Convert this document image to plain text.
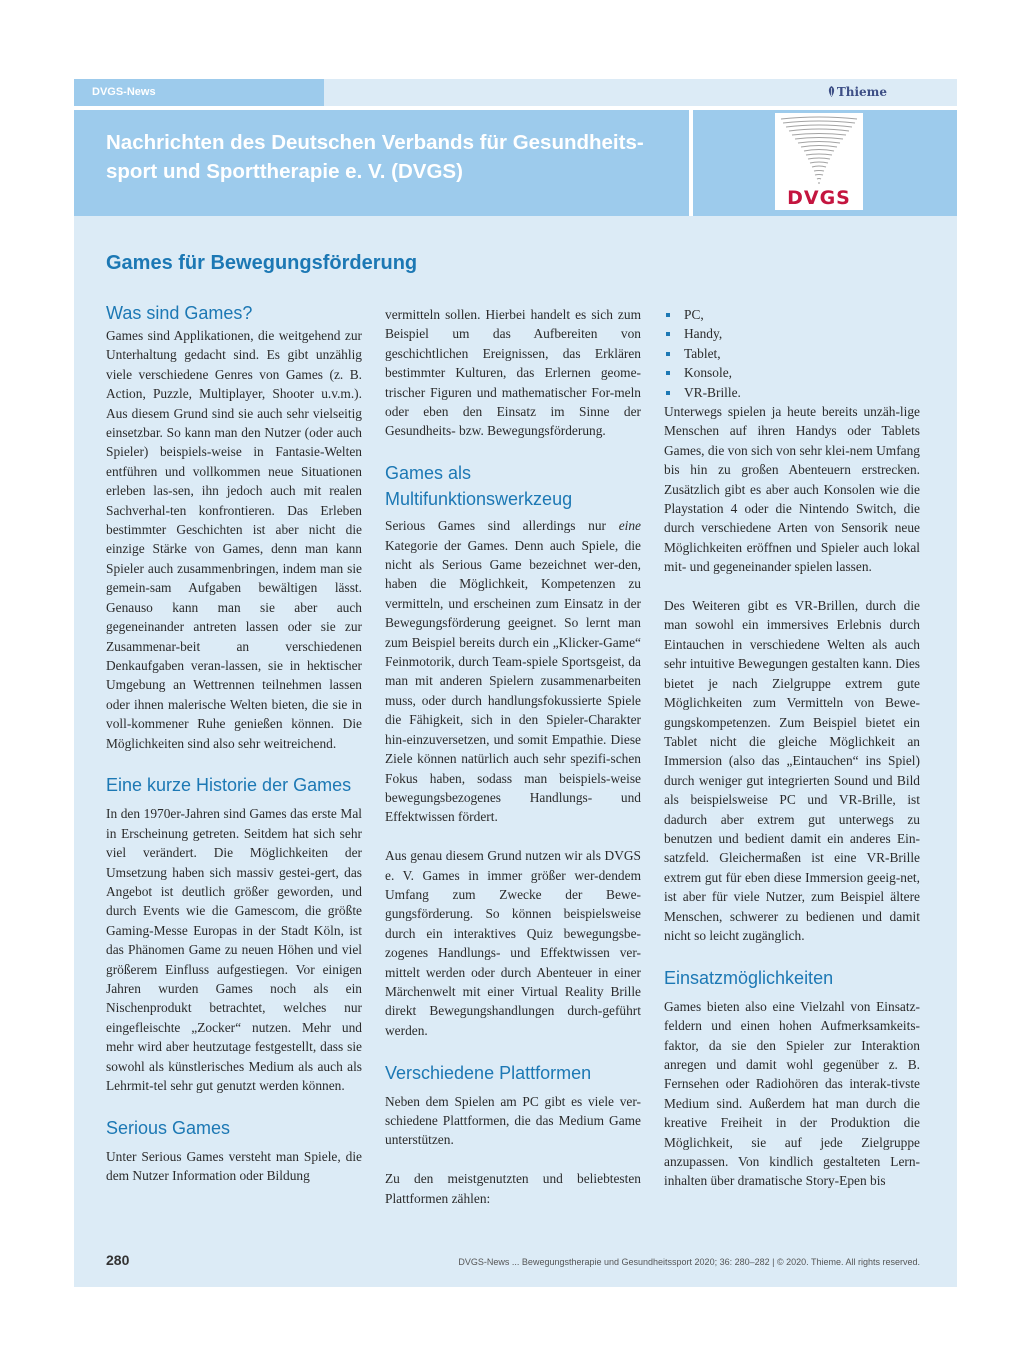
DVGS-News	Thieme
Nachrichten des Deutschen Verbands für Gesundheits-sport und Sporttherapie e. V. (DVGS)
DVGS
Games für Bewegungsförderung
Was sind Games?

Games sind Applikationen, die weitgehend zur Unterhaltung gedacht sind. Es gibt unzählig viele verschiedene Genres von Games (z. B. Action, Puzzle, Multiplayer, Shooter u.v.m.). Aus diesem Grund sind sie auch sehr vielseitig einsetzbar. So kann man den Nutzer (oder auch Spieler) beispiels-weise in Fantasie-Welten entführen und vollkommen neue Situationen erleben las-sen, ihn jedoch auch mit realen Sachverhal-ten konfrontieren. Das Erleben bestimmter Geschichten ist aber nicht die einzige Stärke von Games, denn man kann Spieler auch zusammenbringen, indem man sie gemein-sam Aufgaben bewältigen lässt. Genauso kann man sie aber auch gegeneinander antreten lassen oder sie zur Zusammenar-beit an verschiedenen Denkaufgaben veran-lassen, sie in hektischer Umgebung an Wettrennen teilnehmen lassen oder ihnen malerische Welten bieten, die sie in voll-kommener Ruhe genießen können. Die Möglichkeiten sind also sehr weitreichend.

Eine kurze Historie der Games

In den 1970er-Jahren sind Games das erste Mal in Erscheinung getreten. Seitdem hat sich sehr viel verändert. Die Möglichkeiten der Umsetzung haben sich massiv gestei-gert, das Angebot ist deutlich größer geworden, und durch Events wie die Gamescom, die größte Gaming-Messe Europas in der Stadt Köln, ist das Phänomen Game zu neuen Höhen und viel größerem Einfluss aufgestiegen. Vor einigen Jahren wurden Games noch als ein Nischenprodukt betrachtet, welches nur eingefleischte „Zocker“ nutzen. Mehr und mehr wird aber heutzutage festgestellt, dass sie sowohl als künstlerisches Medium als auch als Lehrmit-tel sehr gut genutzt werden können.

Serious Games

Unter Serious Games versteht man Spiele, die dem Nutzer Information oder Bildung

vermitteln sollen. Hierbei handelt es sich zum Beispiel um das Aufbereiten von geschichtlichen Ereignissen, das Erklären bestimmter Kulturen, das Erlernen geome-trischer Figuren und mathematischer For-meln oder eben den Einsatz im Sinne der Gesundheits- bzw. Bewegungsförderung.

Games als Multifunktionswerkzeug

Serious Games sind allerdings nur eine Kategorie der Games. Denn auch Spiele, die nicht als Serious Game bezeichnet wer-den, haben die Möglichkeit, Kompetenzen zu vermitteln, und erscheinen zum Einsatz in der Bewegungsförderung geeignet. So lernt man zum Beispiel bereits durch ein „Klicker-Game“ Feinmotorik, durch Team-spiele Sportsgeist, da man mit anderen Spielern zusammenarbeiten muss, oder durch handlungsfokussierte Spiele die Fähigkeit, sich in den Spieler-Charakter hin-einzuversetzen, und somit Empathie. Diese Ziele können natürlich auch sehr spezifi-schen Fokus haben, sodass man beispiels-weise bewegungsbezogenes Handlungs- und Effektwissen fördert.

Aus genau diesem Grund nutzen wir als DVGS e. V. Games in immer größer wer-dendem Umfang zum Zwecke der Bewe-gungsförderung. So können beispielsweise durch ein interaktives Quiz bewegungsbe-zogenes Handlungs- und Effektwissen ver-mittelt werden oder durch Abenteuer in einer Märchenwelt mit einer Virtual Reality Brille direkt Bewegungshandlungen durch-geführt werden.

Verschiedene Plattformen

Neben dem Spielen am PC gibt es viele ver-schiedene Plattformen, die das Medium Game unterstützen.

Zu den meistgenutzten und beliebtesten Plattformen zählen:

PC,
Handy,
Tablet,
Konsole,
VR-Brille.

Unterwegs spielen ja heute bereits unzäh-lige Menschen auf ihren Handys oder Tablets Games, die von sich von sehr klei-nem Umfang bis hin zu großen Abenteuern erstrecken. Zusätzlich gibt es aber auch Konsolen wie die Playstation 4 oder die Nintendo Switch, die durch verschiedene Arten von Sensorik neue Möglichkeiten eröffnen und Spieler auch lokal mit- und gegeneinander spielen lassen.

Des Weiteren gibt es VR-Brillen, durch die man sowohl ein immersives Erlebnis durch Eintauchen in verschiedene Welten als auch sehr intuitive Bewegungen gestalten kann. Dies bietet je nach Zielgruppe extrem gute Möglichkeiten zum Vermitteln von Bewe-gungskompetenzen. Zum Beispiel bietet ein Tablet nicht die gleiche Möglichkeit an Immersion (also das „Eintauchen“ ins Spiel) durch weniger gut integrierten Sound und Bild als beispielsweise PC und VR-Brille, ist dadurch aber extrem gut unterwegs zu benutzen und bedient damit ein anderes Ein-satzfeld. Gleichermaßen ist eine VR-Brille extrem gut für eben diese Immersion geeig-net, ist aber für viele Nutzer, zum Beispiel ältere Menschen, schwerer zu bedienen und damit nicht so leicht zugänglich.

Einsatzmöglichkeiten

Games bieten also eine Vielzahl von Einsatz-feldern und einen hohen Aufmerksamkeits-faktor, da sie den Spieler zur Interaktion anregen und damit wohl gegenüber z. B. Fernsehen oder Radiohören das interak-tivste Medium sind. Außerdem hat man durch die kreative Freiheit in der Produktion die Möglichkeit, sie auf jede Zielgruppe anzupassen. Von kindlich gestalteten Lern-inhalten über dramatische Story-Epen bis

280	DVGS-News ... Bewegungstherapie und Gesundheitssport 2020; 36: 280–282 | © 2020. Thieme. All rights reserved.
